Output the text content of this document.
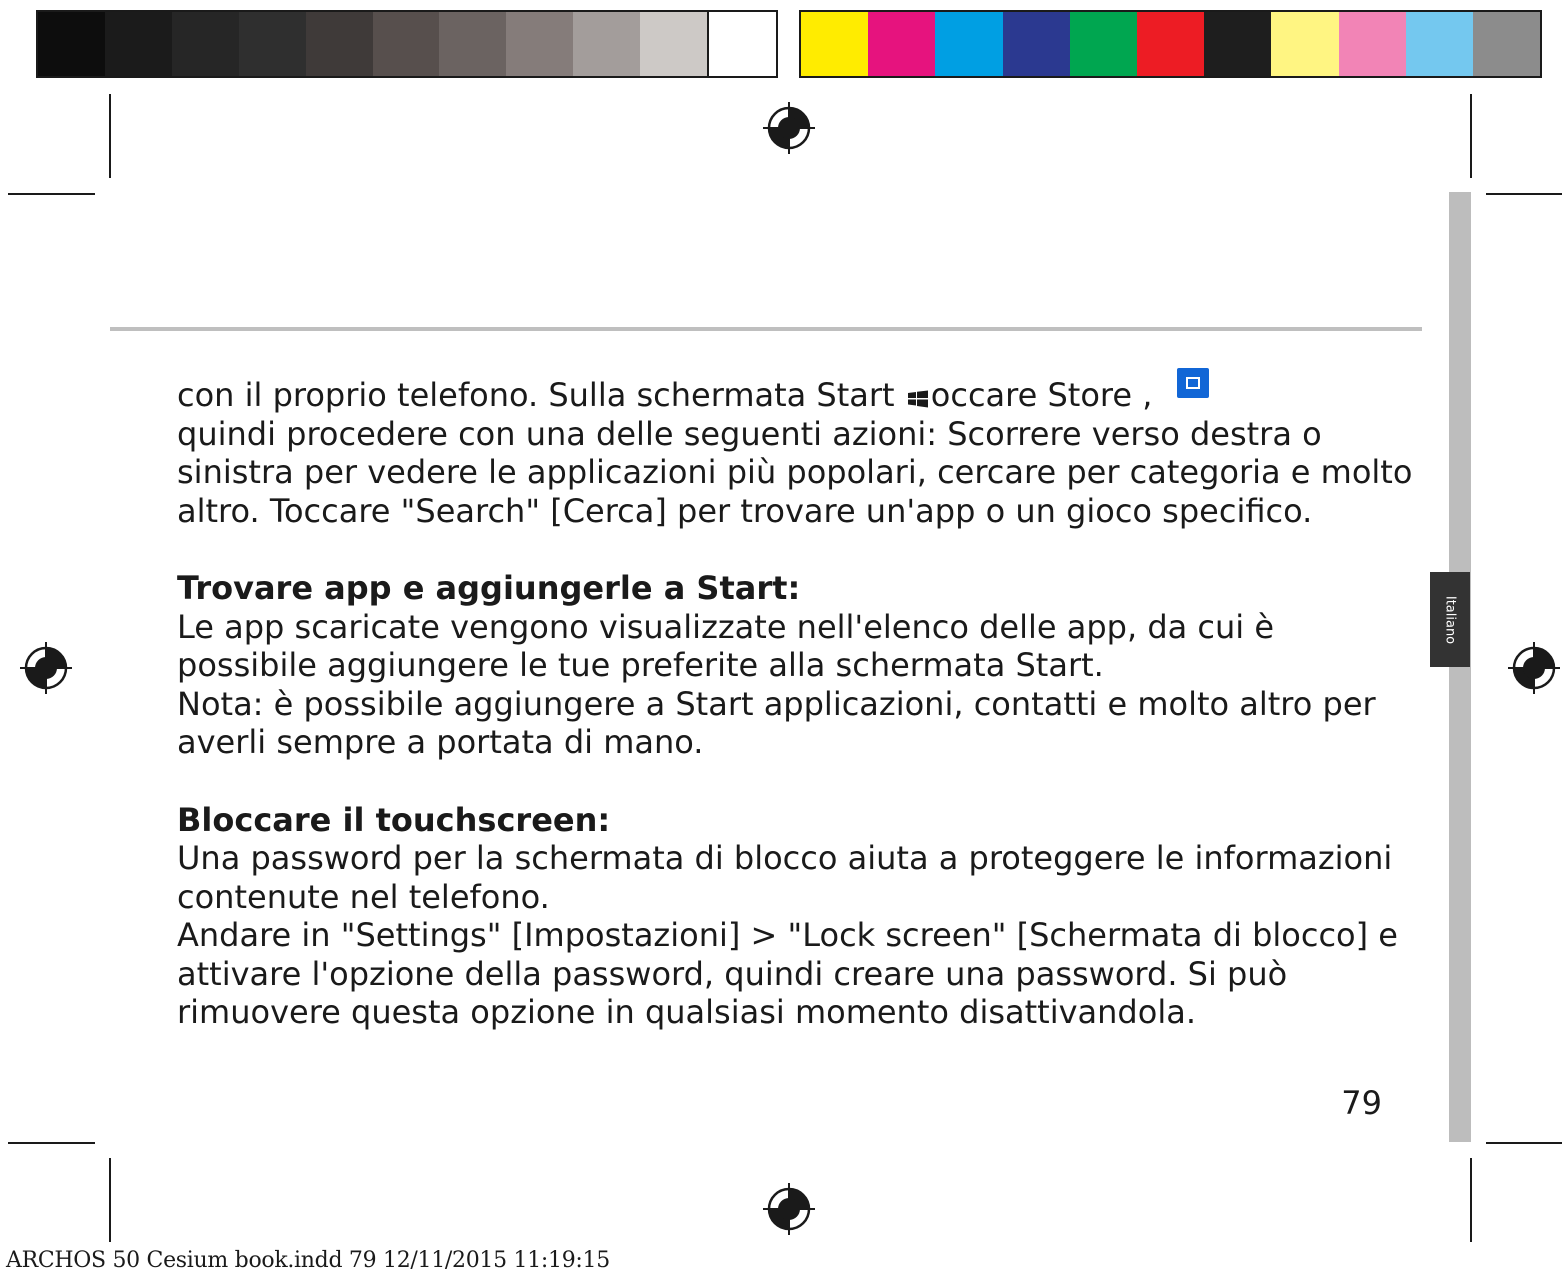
Italiano

con il proprio telefono. Sulla schermata Start occare Store ,
quindi procedere con una delle seguenti azioni: Scorrere verso destra o sinistra per vedere le applicazioni più popolari, cercare per categoria e molto altro. Toccare "Search" [Cerca] per trovare un'app o un gioco specifico.

Trovare app e aggiungerle a Start:

Le app scaricate vengono visualizzate nell'elenco delle app, da cui è possibile aggiungere le tue preferite alla schermata Start.

Nota: è possibile aggiungere a Start applicazioni, contatti e molto altro per averli sempre a portata di mano.

Bloccare il touchscreen:

Una password per la schermata di blocco aiuta a proteggere le informazioni contenute nel telefono.

Andare in "Settings" [Impostazioni] > "Lock screen" [Schermata di blocco] e attivare l'opzione della password, quindi creare una password. Si può rimuovere questa opzione in qualsiasi momento disattivandola.

79
ARCHOS 50 Cesium book.indd 79 12/11/2015 11:19:15
